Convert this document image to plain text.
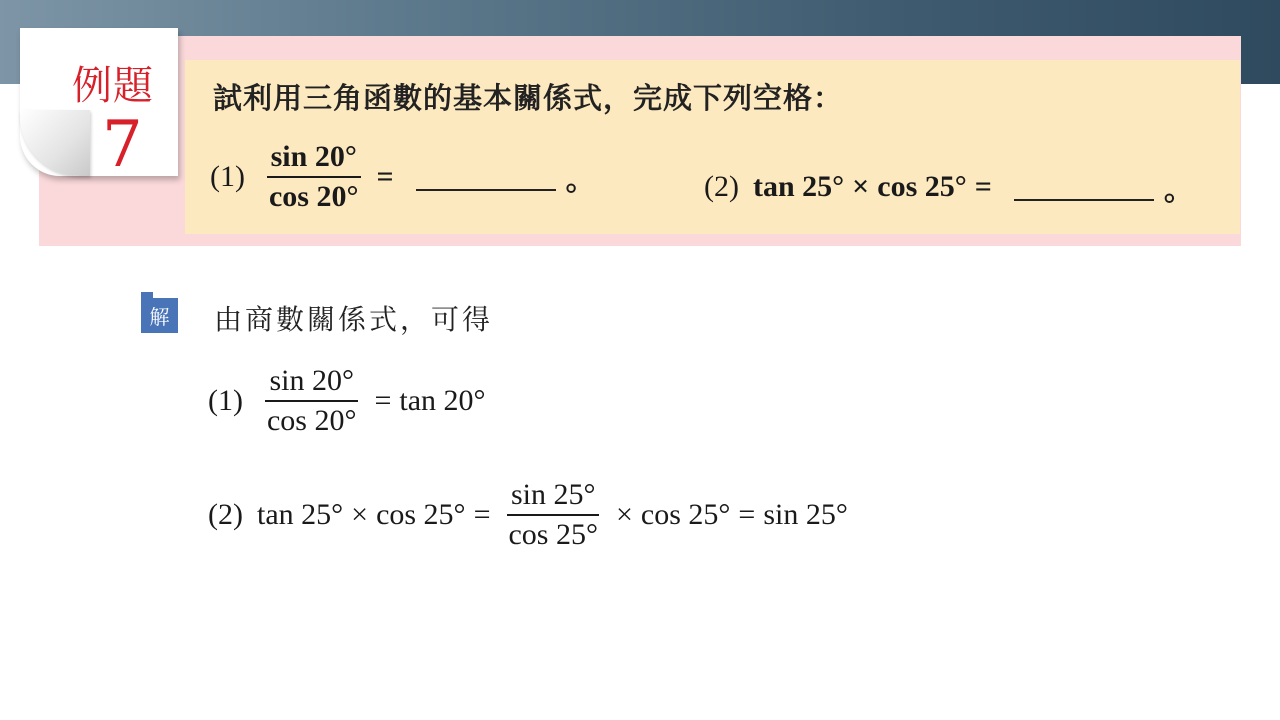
例題
7
試利用三角函數的基本關係式，完成下列空格：
$(1) \frac{\sin 20^\circ}{\cos 20^\circ}$ =	。	(2) tan 25° × cos 25° =	。
解	由商數關係式，可得
$(1) \frac{\sin 20^\circ}{\cos 20^\circ} = \tan 20^\circ$
(2) $\tan 25^\circ \times \cos 25^\circ = \frac{\sin 25^\circ}{\cos 25^\circ} \times \cos 25^\circ = \sin 25^\circ$
